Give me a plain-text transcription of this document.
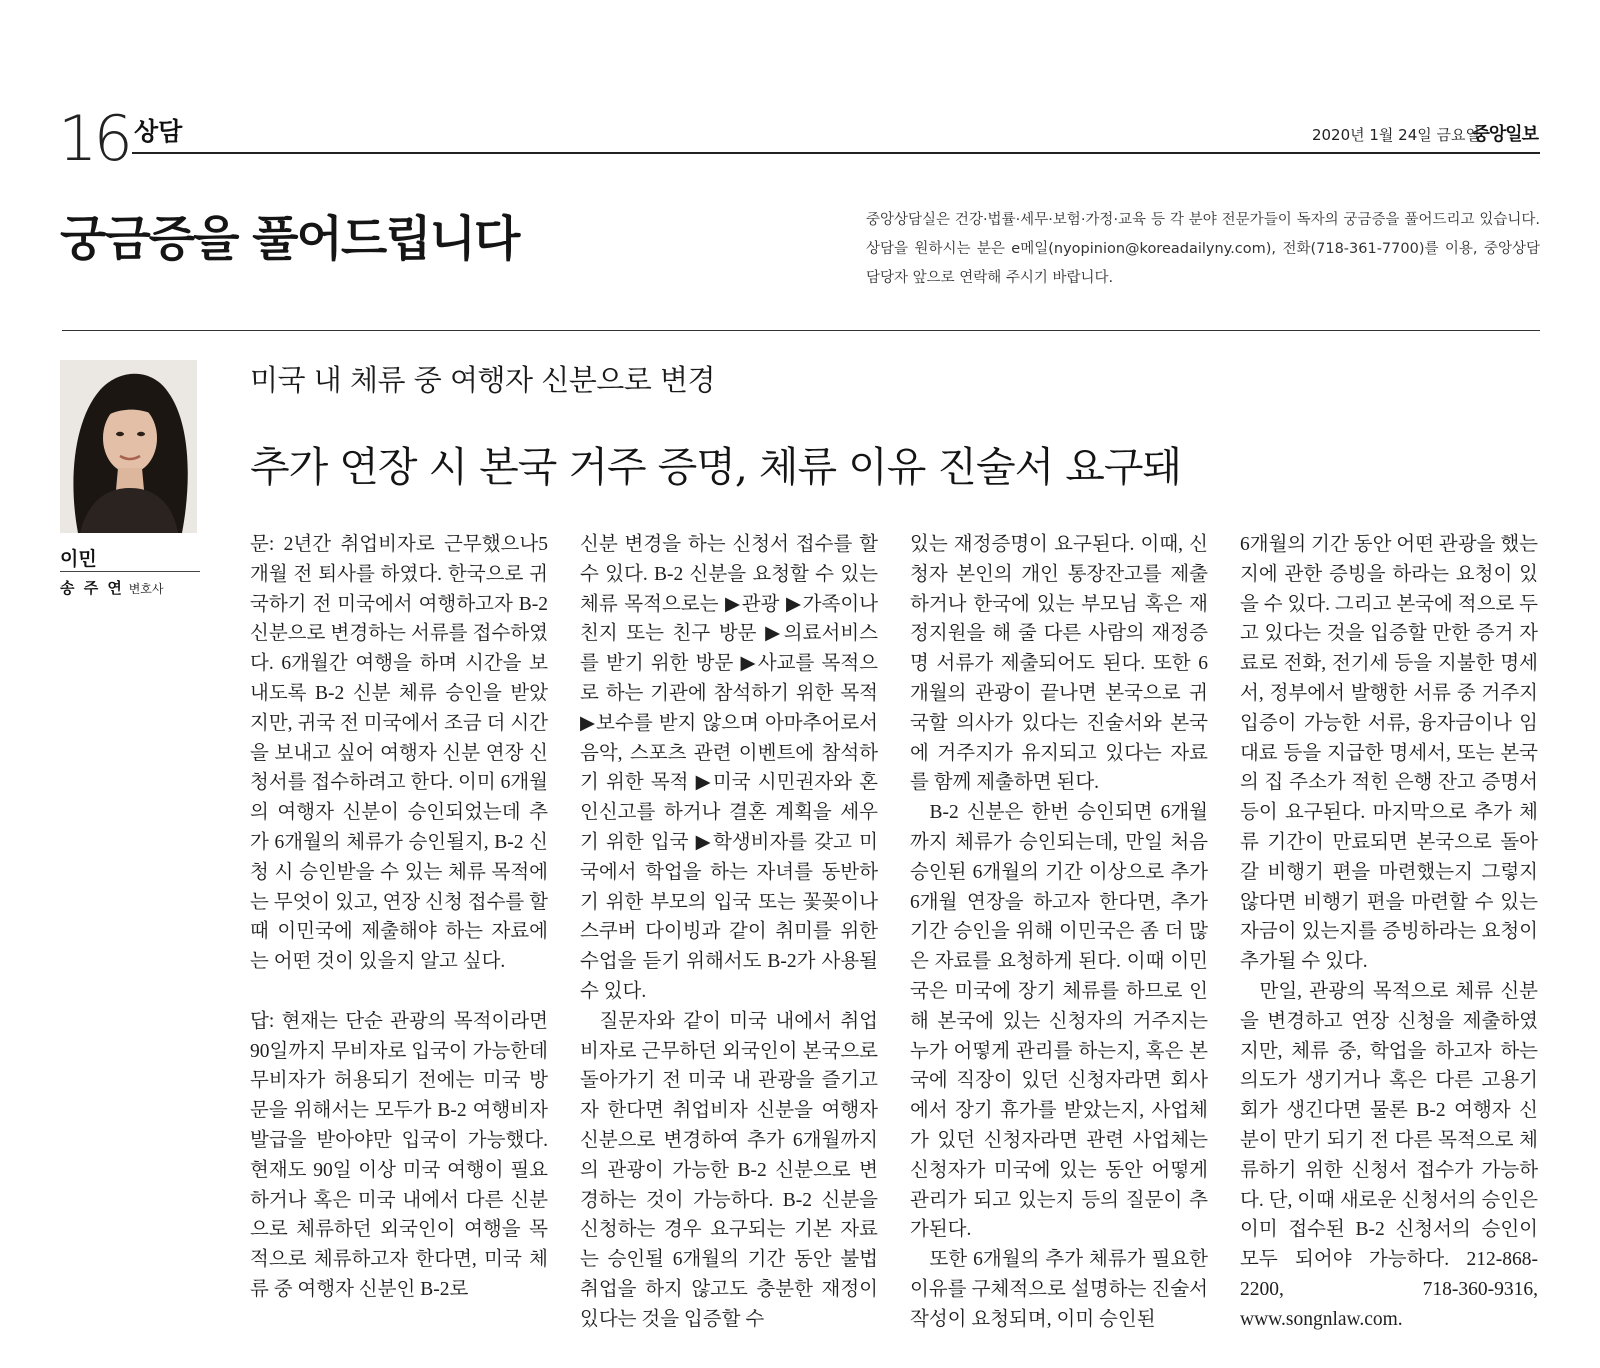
16 상담	2020년 1월 24일 금요일
중앙일보
궁금증을 풀어드립니다	중앙상담실은 건강·법률·세무·보험·가정·교육 등 각 분야 전문가들이 독자의 궁금증을 풀어드리고 있습니다. 상담을 원하시는 분은 e메일(nyopinion@koreadailyny.com), 전화(718-361-7700)를 이용, 중앙상담 담당자 앞으로 연락해 주시기 바랍니다.
이민
송 주 연 변호사
미국 내 체류 중 여행자 신분으로 변경
추가 연장 시 본국 거주 증명, 체류 이유 진술서 요구돼

문: 2년간 취업비자로 근무했으나5개월 전 퇴사를 하였다. 한국으로 귀국하기 전 미국에서 여행하고자 B-2 신분으로 변경하는 서류를 접수하였다. 6개월간 여행을 하며 시간을 보내도록 B-2 신분 체류 승인을 받았지만, 귀국 전 미국에서 조금 더 시간을 보내고 싶어 여행자 신분 연장 신청서를 접수하려고 한다. 이미 6개월의 여행자 신분이 승인되었는데 추가 6개월의 체류가 승인될지, B-2 신청 시 승인받을 수 있는 체류 목적에는 무엇이 있고, 연장 신청 접수를 할 때 이민국에 제출해야 하는 자료에는 어떤 것이 있을지 알고 싶다.

답: 현재는 단순 관광의 목적이라면 90일까지 무비자로 입국이 가능한데 무비자가 허용되기 전에는 미국 방문을 위해서는 모두가 B-2 여행비자 발급을 받아야만 입국이 가능했다. 현재도 90일 이상 미국 여행이 필요하거나 혹은 미국 내에서 다른 신분으로 체류하던 외국인이 여행을 목적으로 체류하고자 한다면, 미국 체류 중 여행자 신분인 B-2로

신분 변경을 하는 신청서 접수를 할 수 있다. B-2 신분을 요청할 수 있는 체류 목적으로는 ▶관광 ▶가족이나 친지 또는 친구 방문 ▶의료서비스를 받기 위한 방문 ▶사교를 목적으로 하는 기관에 참석하기 위한 목적 ▶보수를 받지 않으며 아마추어로서 음악, 스포츠 관련 이벤트에 참석하기 위한 목적 ▶미국 시민권자와 혼인신고를 하거나 결혼 계획을 세우기 위한 입국 ▶학생비자를 갖고 미국에서 학업을 하는 자녀를 동반하기 위한 부모의 입국 또는 꽃꽂이나 스쿠버 다이빙과 같이 취미를 위한 수업을 듣기 위해서도 B-2가 사용될 수 있다.

질문자와 같이 미국 내에서 취업비자로 근무하던 외국인이 본국으로 돌아가기 전 미국 내 관광을 즐기고자 한다면 취업비자 신분을 여행자 신분으로 변경하여 추가 6개월까지의 관광이 가능한 B-2 신분으로 변경하는 것이 가능하다. B-2 신분을 신청하는 경우 요구되는 기본 자료는 승인될 6개월의 기간 동안 불법 취업을 하지 않고도 충분한 재정이 있다는 것을 입증할 수

있는 재정증명이 요구된다. 이때, 신청자 본인의 개인 통장잔고를 제출하거나 한국에 있는 부모님 혹은 재정지원을 해 줄 다른 사람의 재정증명 서류가 제출되어도 된다. 또한 6개월의 관광이 끝나면 본국으로 귀국할 의사가 있다는 진술서와 본국에 거주지가 유지되고 있다는 자료를 함께 제출하면 된다.

B-2 신분은 한번 승인되면 6개월까지 체류가 승인되는데, 만일 처음 승인된 6개월의 기간 이상으로 추가 6개월 연장을 하고자 한다면, 추가 기간 승인을 위해 이민국은 좀 더 많은 자료를 요청하게 된다. 이때 이민국은 미국에 장기 체류를 하므로 인해 본국에 있는 신청자의 거주지는 누가 어떻게 관리를 하는지, 혹은 본국에 직장이 있던 신청자라면 회사에서 장기 휴가를 받았는지, 사업체가 있던 신청자라면 관련 사업체는 신청자가 미국에 있는 동안 어떻게 관리가 되고 있는지 등의 질문이 추가된다.

또한 6개월의 추가 체류가 필요한 이유를 구체적으로 설명하는 진술서 작성이 요청되며, 이미 승인된

6개월의 기간 동안 어떤 관광을 했는지에 관한 증빙을 하라는 요청이 있을 수 있다. 그리고 본국에 적으로 두고 있다는 것을 입증할 만한 증거 자료로 전화, 전기세 등을 지불한 명세서, 정부에서 발행한 서류 중 거주지 입증이 가능한 서류, 융자금이나 임대료 등을 지급한 명세서, 또는 본국의 집 주소가 적힌 은행 잔고 증명서 등이 요구된다. 마지막으로 추가 체류 기간이 만료되면 본국으로 돌아갈 비행기 편을 마련했는지 그렇지 않다면 비행기 편을 마련할 수 있는 자금이 있는지를 증빙하라는 요청이 추가될 수 있다.

만일, 관광의 목적으로 체류 신분을 변경하고 연장 신청을 제출하였지만, 체류 중, 학업을 하고자 하는 의도가 생기거나 혹은 다른 고용기회가 생긴다면 물론 B-2 여행자 신분이 만기 되기 전 다른 목적으로 체류하기 위한 신청서 접수가 가능하다. 단, 이때 새로운 신청서의 승인은 이미 접수된 B-2 신청서의 승인이 모두 되어야 가능하다. 212-868-2200, 718-360-9316, www.songnlaw.com.
